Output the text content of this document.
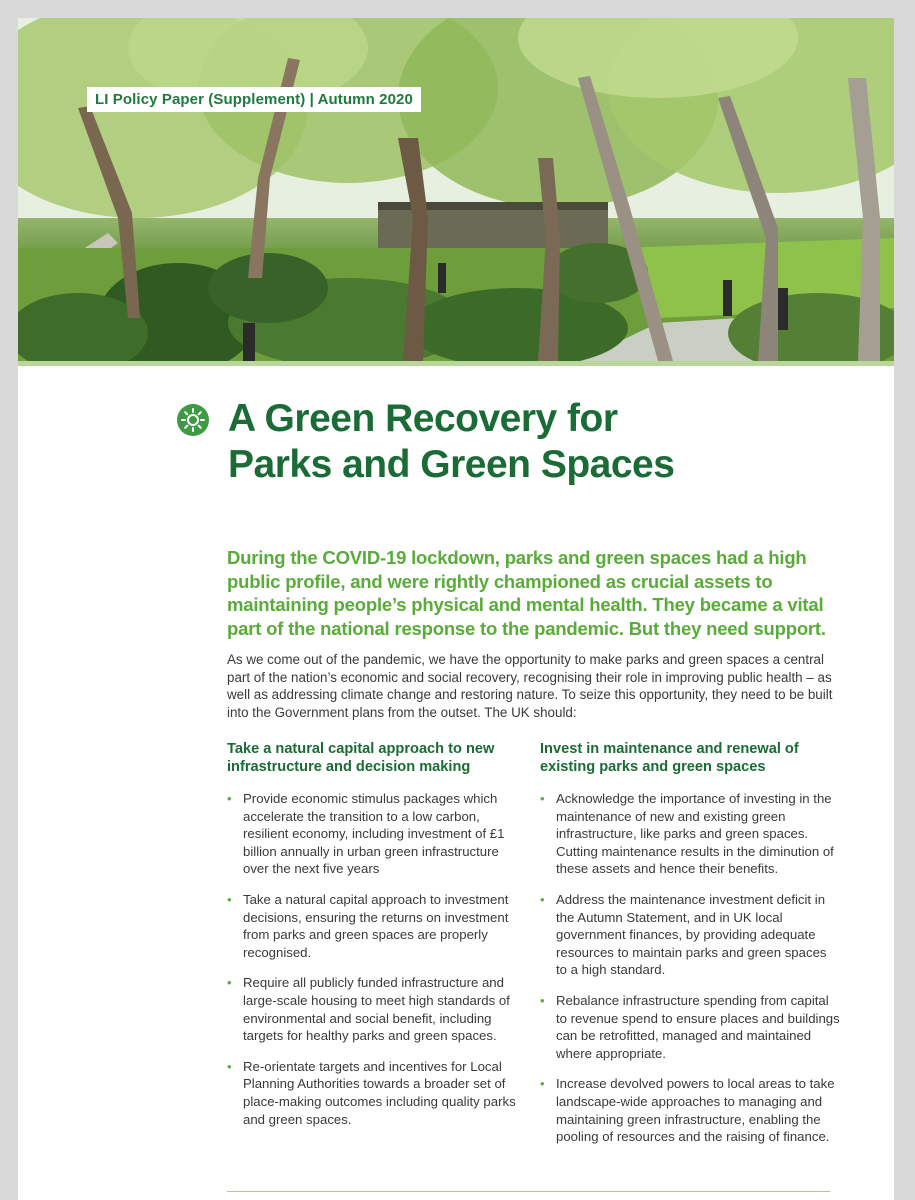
LI Policy Paper (Supplement) | Autumn 2020
A Green Recovery for
Parks and Green Spaces

During the COVID-19 lockdown, parks and green spaces had a high public profile, and were rightly championed as crucial assets to maintaining people’s physical and mental health. They became a vital part of the national response to the pandemic. But they need support.

As we come out of the pandemic, we have the opportunity to make parks and green spaces a central part of the nation’s economic and social recovery, recognising their role in improving public health – as well as addressing climate change and restoring nature. To seize this opportunity, they need to be built into the Government plans from the outset. The UK should:

Take a natural capital approach to new infrastructure and decision making
• Provide economic stimulus packages which accelerate the transition to a low carbon, resilient economy, including investment of £1 billion annually in urban green infrastructure over the next five years
• Take a natural capital approach to investment decisions, ensuring the returns on investment from parks and green spaces are properly recognised.
• Require all publicly funded infrastructure and large-scale housing to meet high standards of environmental and social benefit, including targets for healthy parks and green spaces.
• Re-orientate targets and incentives for Local Planning Authorities towards a broader set of place-making outcomes including quality parks and green spaces.
Invest in maintenance and renewal of existing parks and green spaces
• Acknowledge the importance of investing in the maintenance of new and existing green infrastructure, like parks and green spaces. Cutting maintenance results in the diminution of these assets and hence their benefits.
• Address the maintenance investment deficit in the Autumn Statement, and in UK local government finances, by providing adequate resources to maintain parks and green spaces to a high standard.
• Rebalance infrastructure spending from capital to revenue spend to ensure places and buildings can be retrofitted, managed and maintained where appropriate.
• Increase devolved powers to local areas to take landscape-wide approaches to managing and maintaining green infrastructure, enabling the pooling of resources and the raising of finance.
